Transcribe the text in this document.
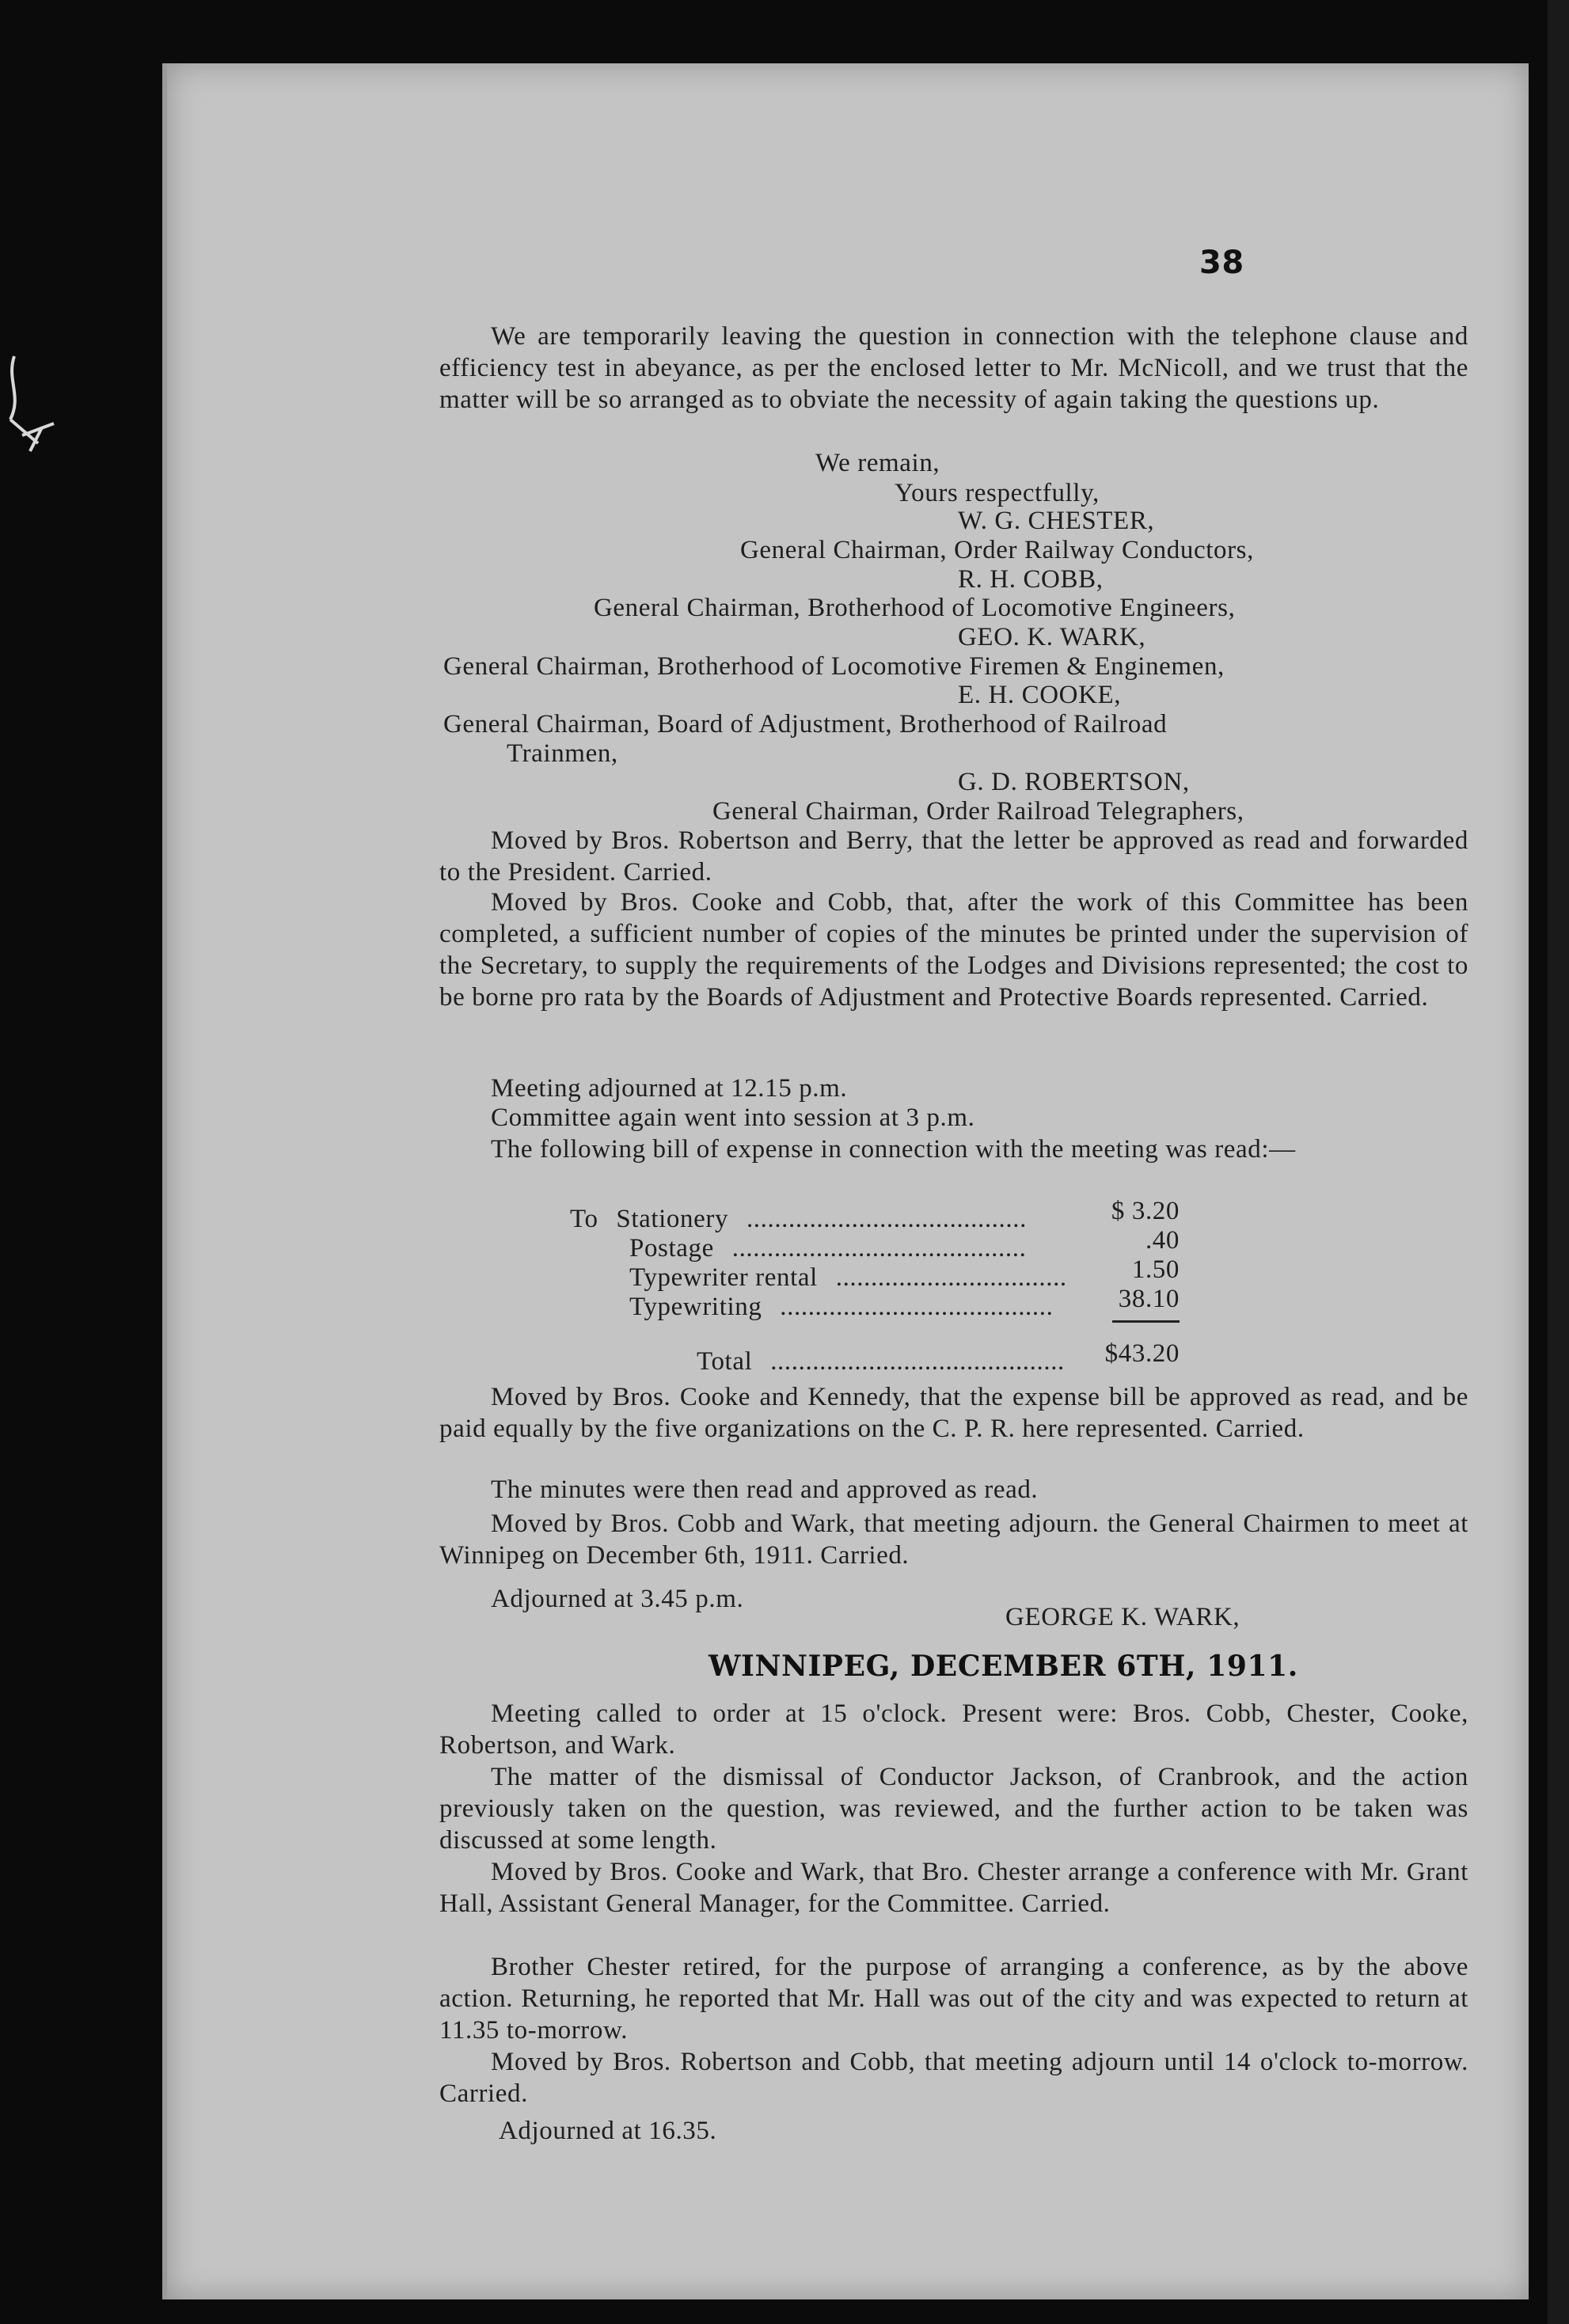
38

We are temporarily leaving the question in connection with the telephone clause and efficiency test in abeyance, as per the enclosed letter to Mr. McNicoll, and we trust that the matter will be so arranged as to obviate the necessity of again taking the questions up.

We remain,
Yours respectfully,
W. G. CHESTER,
General Chairman, Order Railway Conductors,
R. H. COBB,
General Chairman, Brotherhood of Locomotive Engineers,
GEO. K. WARK,
General Chairman, Brotherhood of Locomotive Firemen & Enginemen,
E. H. COOKE,
General Chairman, Board of Adjustment, Brotherhood of Railroad
Trainmen,
G. D. ROBERTSON,
General Chairman, Order Railroad Telegraphers,

Moved by Bros. Robertson and Berry, that the letter be approved as read and forwarded to the President. Carried.

Moved by Bros. Cooke and Cobb, that, after the work of this Committee has been completed, a sufficient number of copies of the minutes be printed under the supervision of the Secretary, to supply the requirements of the Lodges and Divisions represented; the cost to be borne pro rata by the Boards of Adjustment and Protective Boards represented. Carried.

Meeting adjourned at 12.15 p.m.
Committee again went into session at 3 p.m.

The following bill of expense in connection with the meeting was read:—

To Stationery ........................................	$ 3.20
Postage ..........................................	.40
Typewriter rental .................................	1.50
Typewriting .......................................	38.10
Total ..........................................	$43.20

Moved by Bros. Cooke and Kennedy, that the expense bill be approved as read, and be paid equally by the five organizations on the C. P. R. here represented. Carried.

The minutes were then read and approved as read.

Moved by Bros. Cobb and Wark, that meeting adjourn. the General Chairmen to meet at Winnipeg on December 6th, 1911. Carried.

Adjourned at 3.45 p.m.
GEORGE K. WARK,
WINNIPEG, DECEMBER 6TH, 1911.

Meeting called to order at 15 o'clock. Present were: Bros. Cobb, Chester, Cooke, Robertson, and Wark.

The matter of the dismissal of Conductor Jackson, of Cranbrook, and the action previously taken on the question, was reviewed, and the further action to be taken was discussed at some length.

Moved by Bros. Cooke and Wark, that Bro. Chester arrange a conference with Mr. Grant Hall, Assistant General Manager, for the Committee. Carried.

Brother Chester retired, for the purpose of arranging a conference, as by the above action. Returning, he reported that Mr. Hall was out of the city and was expected to return at 11.35 to-morrow.

Moved by Bros. Robertson and Cobb, that meeting adjourn until 14 o'clock to-morrow. Carried.

Adjourned at 16.35.
